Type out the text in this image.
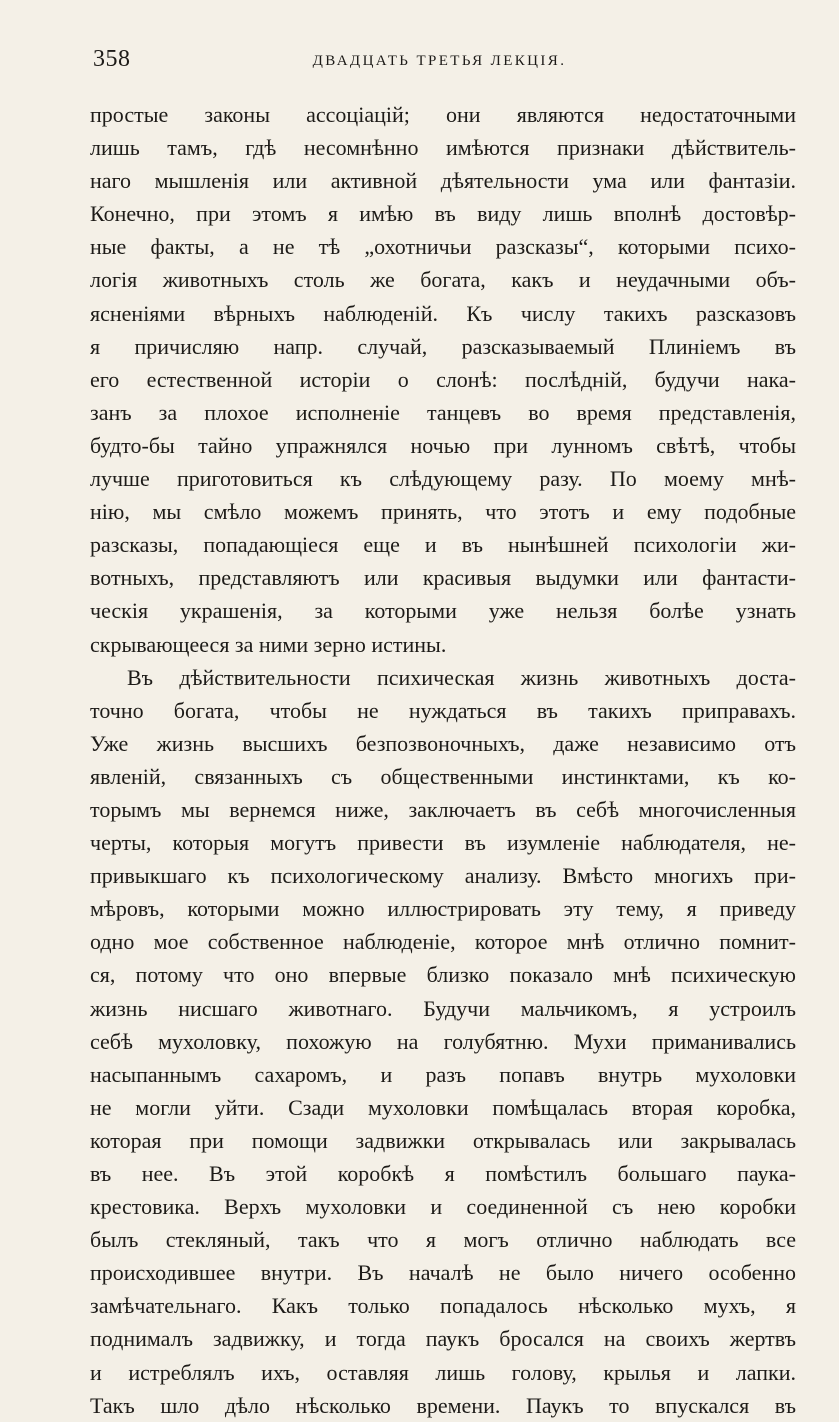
358	ДВАДЦАТЬ ТРЕТЬЯ ЛЕКЦІЯ.
простые законы ассоціацій; они являются недостаточными
лишь тамъ, гдѣ несомнѣнно имѣются признаки дѣйствитель-
наго мышленія или активной дѣятельности ума или фантазіи.
Конечно, при этомъ я имѣю въ виду лишь вполнѣ достовѣр-
ные факты, а не тѣ „охотничьи разсказы“, которыми психо-
логія животныхъ столь же богата, какъ и неудачными объ-
ясненіями вѣрныхъ наблюденій. Къ числу такихъ разсказовъ
я причисляю напр. случай, разсказываемый Плиніемъ въ
его естественной исторіи о слонѣ: послѣдній, будучи нака-
занъ за плохое исполненіе танцевъ во время представленія,
будто-бы тайно упражнялся ночью при лунномъ свѣтѣ, чтобы
лучше приготовиться къ слѣдующему разу. По моему мнѣ-
нію, мы смѣло можемъ принять, что этотъ и ему подобные
разсказы, попадающіеся еще и въ нынѣшней психологіи жи-
вотныхъ, представляютъ или красивыя выдумки или фантасти-
ческія украшенія, за которыми уже нельзя болѣе узнать
скрывающееся за ними зерно истины.
Въ дѣйствительности психическая жизнь животныхъ доста-
точно богата, чтобы не нуждаться въ такихъ приправахъ.
Уже жизнь высшихъ безпозвоночныхъ, даже независимо отъ
явленій, связанныхъ съ общественными инстинктами, къ ко-
торымъ мы вернемся ниже, заключаетъ въ себѣ многочисленныя
черты, которыя могутъ привести въ изумленіе наблюдателя, не-
привыкшаго къ психологическому анализу. Вмѣсто многихъ при-
мѣровъ, которыми можно иллюстрировать эту тему, я приведу
одно мое собственное наблюденіе, которое мнѣ отлично помнит-
ся, потому что оно впервые близко показало мнѣ психическую
жизнь нисшаго животнаго. Будучи мальчикомъ, я устроилъ
себѣ мухоловку, похожую на голубятню. Мухи приманивались
насыпаннымъ сахаромъ, и разъ попавъ внутрь мухоловки
не могли уйти. Сзади мухоловки помѣщалась вторая коробка,
которая при помощи задвижки открывалась или закрывалась
въ нее. Въ этой коробкѣ я помѣстилъ большаго паука-
крестовика. Верхъ мухоловки и соединенной съ нею коробки
былъ стекляный, такъ что я могъ отлично наблюдать все
происходившее внутри. Въ началѣ не было ничего особенно
замѣчательнаго. Какъ только попадалось нѣсколько мухъ, я
поднималъ задвижку, и тогда паукъ бросался на своихъ жертвъ
и истреблялъ ихъ, оставляя лишь голову, крылья и лапки.
Такъ шло дѣло нѣсколько времени. Паукъ то впускался въ
